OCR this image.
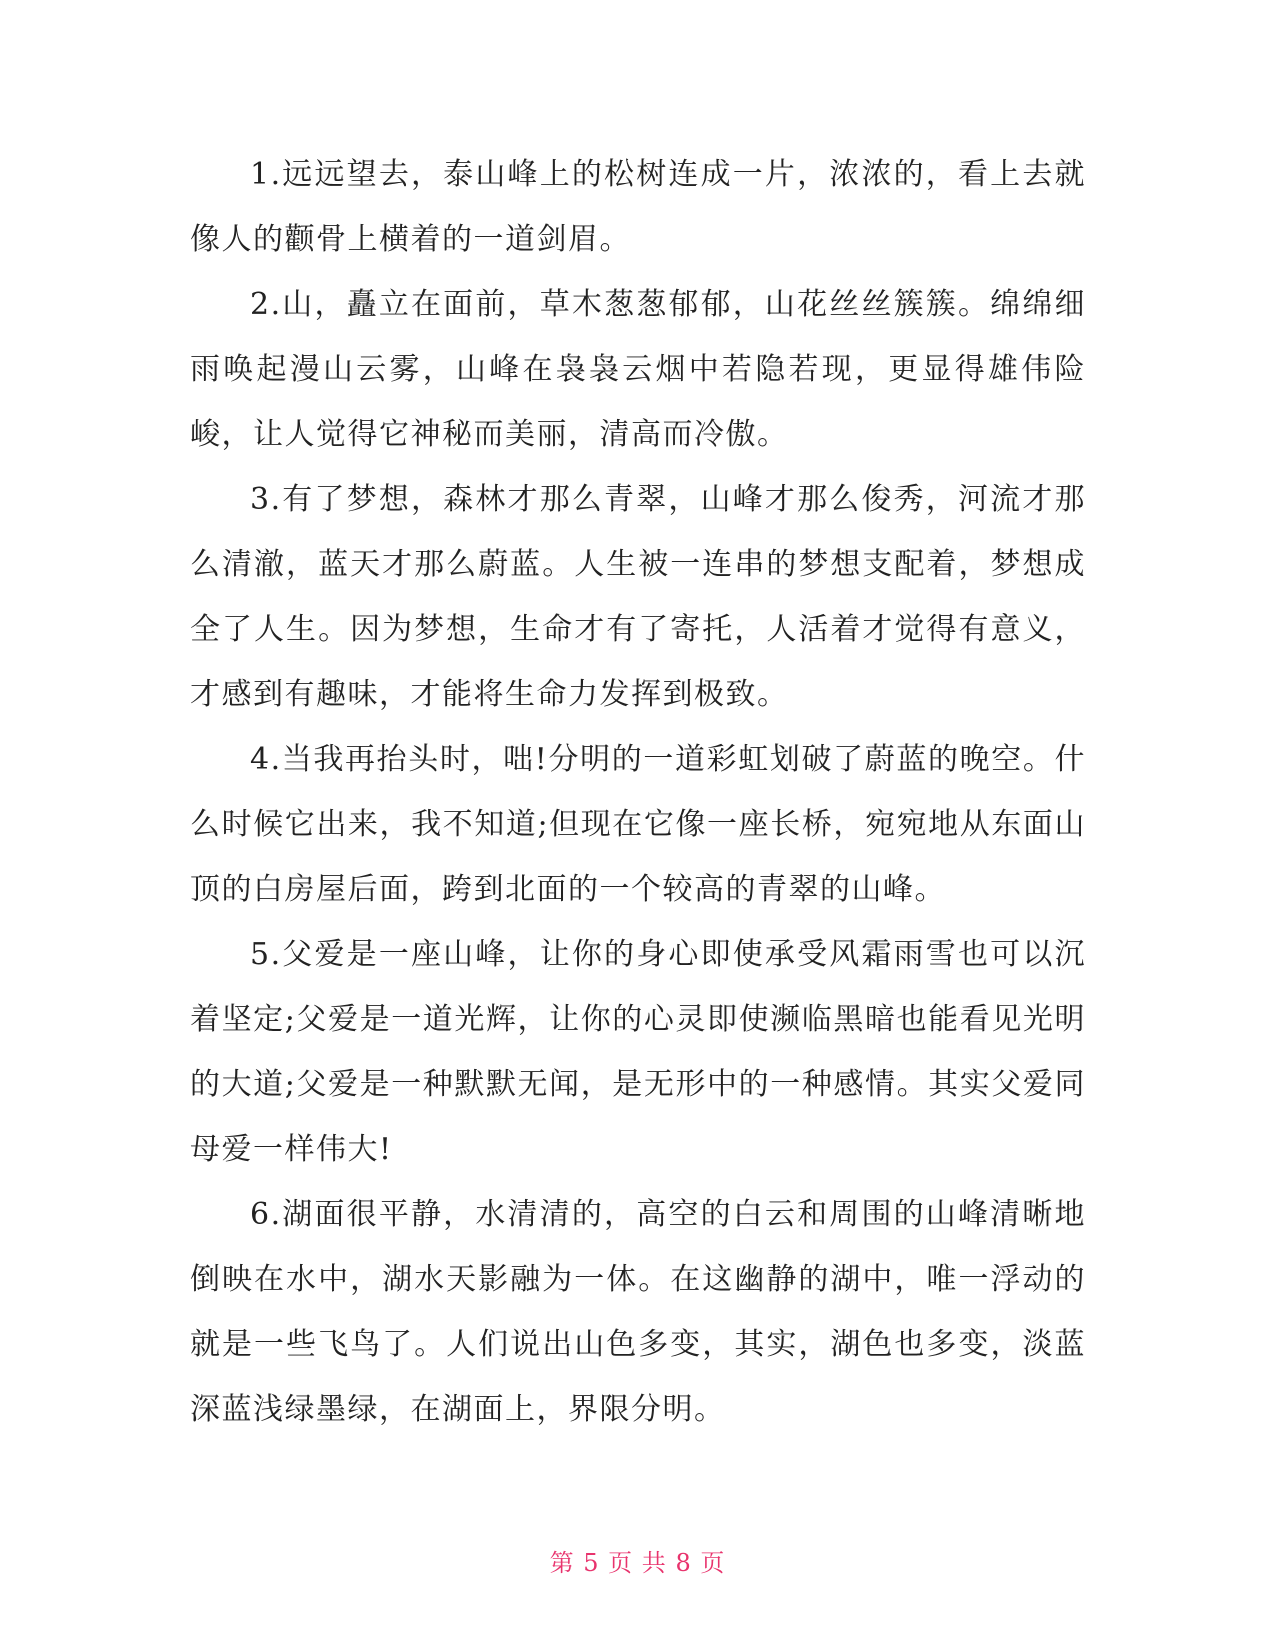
1.远远望去，泰山峰上的松树连成一片，浓浓的，看上去就像人的颧骨上横着的一道剑眉。

2.山，矗立在面前，草木葱葱郁郁，山花丝丝簇簇。绵绵细雨唤起漫山云雾，山峰在袅袅云烟中若隐若现，更显得雄伟险峻，让人觉得它神秘而美丽，清高而冷傲。

3.有了梦想，森林才那么青翠，山峰才那么俊秀，河流才那么清澈，蓝天才那么蔚蓝。人生被一连串的梦想支配着，梦想成全了人生。因为梦想，生命才有了寄托，人活着才觉得有意义，才感到有趣味，才能将生命力发挥到极致。

4.当我再抬头时，咄!分明的一道彩虹划破了蔚蓝的晚空。什么时候它出来，我不知道;但现在它像一座长桥，宛宛地从东面山顶的白房屋后面，跨到北面的一个较高的青翠的山峰。

5.父爱是一座山峰，让你的身心即使承受风霜雨雪也可以沉着坚定;父爱是一道光辉，让你的心灵即使濒临黑暗也能看见光明的大道;父爱是一种默默无闻，是无形中的一种感情。其实父爱同母爱一样伟大!

6.湖面很平静，水清清的，高空的白云和周围的山峰清晰地倒映在水中，湖水天影融为一体。在这幽静的湖中，唯一浮动的就是一些飞鸟了。人们说出山色多变，其实，湖色也多变，淡蓝深蓝浅绿墨绿，在湖面上，界限分明。

第 5 页 共 8 页
